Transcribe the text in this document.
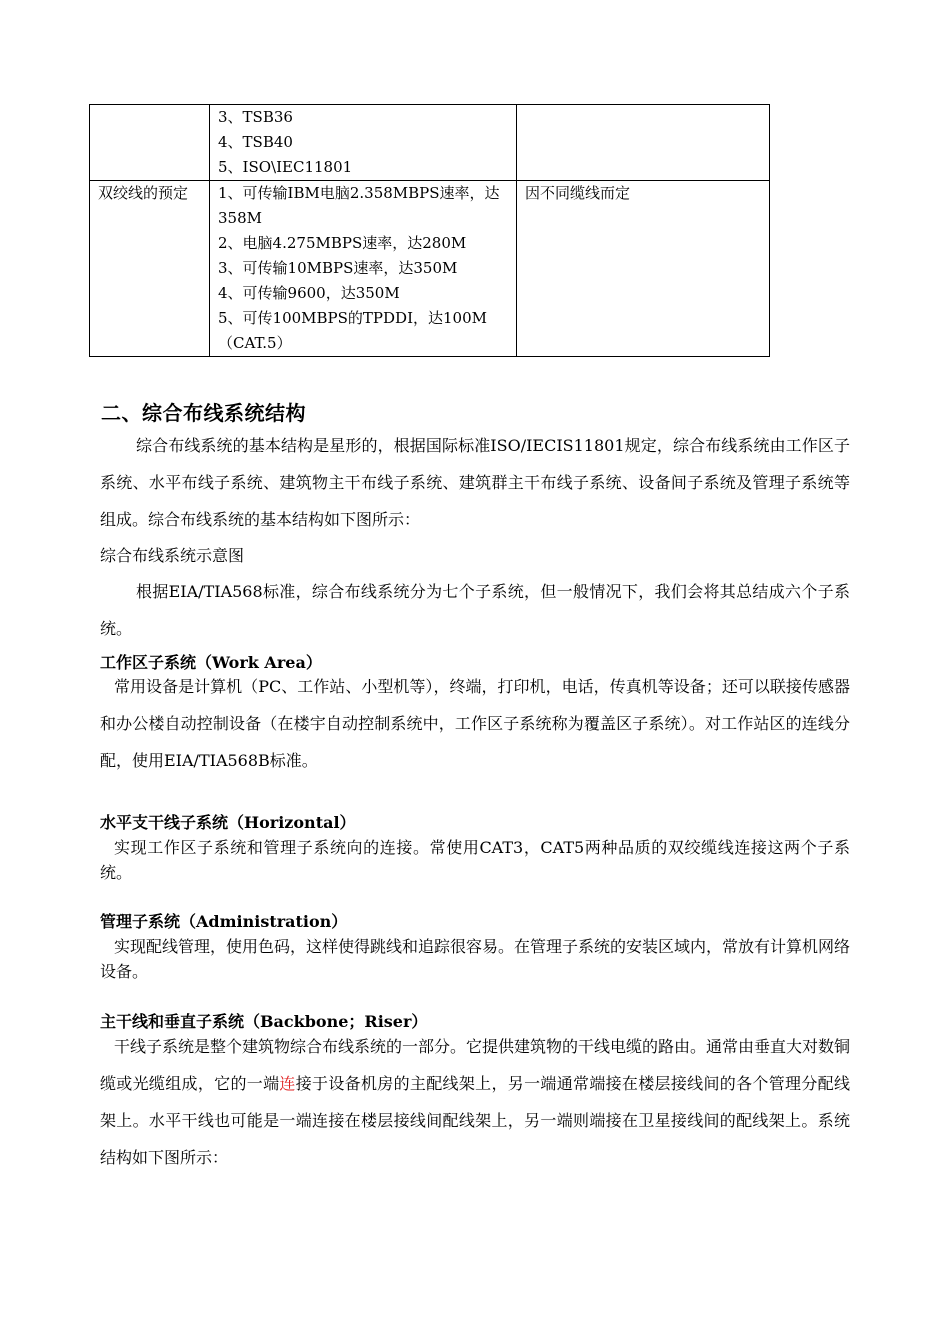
	3、TSB36
4、TSB40
5、ISO\IEC11801	

双绞线的预定	1、可传输IBM电脑2.358MBPS速率，达358M
2、电脑4.275MBPS速率，达280M
3、可传输10MBPS速率，达350M
4、可传输9600，达350M
5、可传100MBPS的TPDDI，达100M（CAT.5）	因不同缆线而定
二、综合布线系统结构
综合布线系统的基本结构是星形的，根据国际标准ISO/IECIS11801规定，综合布线系统由工作区子系统、水平布线子系统、建筑物主干布线子系统、建筑群主干布线子系统、设备间子系统及管理子系统等组成。综合布线系统的基本结构如下图所示：
综合布线系统示意图
根据EIA/TIA568标准，综合布线系统分为七个子系统，但一般情况下，我们会将其总结成六个子系统。
工作区子系统（Work Area）
常用设备是计算机（PC、工作站、小型机等），终端，打印机，电话，传真机等设备；还可以联接传感器和办公楼自动控制设备（在楼宇自动控制系统中，工作区子系统称为覆盖区子系统）。对工作站区的连线分配，使用EIA/TIA568B标准。
水平支干线子系统（Horizontal）
实现工作区子系统和管理子系统向的连接。常使用CAT3，CAT5两种品质的双绞缆线连接这两个子系统。
管理子系统（Administration）
实现配线管理，使用色码，这样使得跳线和追踪很容易。在管理子系统的安装区域内，常放有计算机网络设备。
主干线和垂直子系统（Backbone；Riser）
干线子系统是整个建筑物综合布线系统的一部分。它提供建筑物的干线电缆的路由。通常由垂直大对数铜缆或光缆组成，它的一端连接于设备机房的主配线架上，另一端通常端接在楼层接线间的各个管理分配线架上。水平干线也可能是一端连接在楼层接线间配线架上，另一端则端接在卫星接线间的配线架上。系统结构如下图所示：
